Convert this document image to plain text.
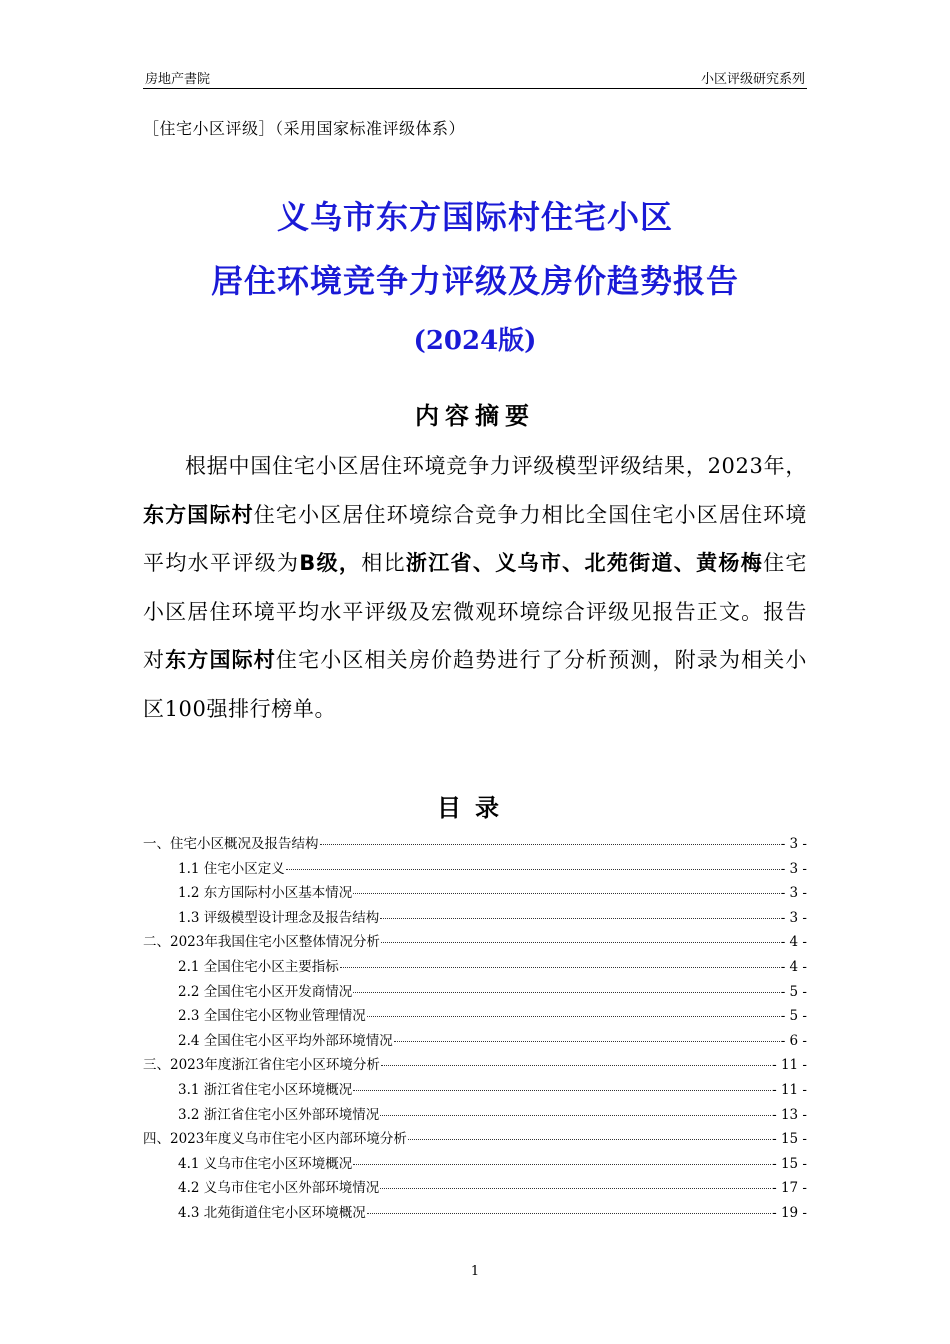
房地产書院	小区评级研究系列
［住宅小区评级］（采用国家标准评级体系）
义乌市东方国际村住宅小区
居住环境竞争力评级及房价趋势报告
(2024版)
内容摘要
根据中国住宅小区居住环境竞争力评级模型评级结果，2023年，东方国际村住宅小区居住环境综合竞争力相比全国住宅小区居住环境平均水平评级为B级，相比浙江省、义乌市、北苑街道、黄杨梅住宅小区居住环境平均水平评级及宏微观环境综合评级见报告正文。报告对东方国际村住宅小区相关房价趋势进行了分析预测，附录为相关小区100强排行榜单。
目录
一、住宅小区概况及报告结构	- 3 -
1.1 住宅小区定义	- 3 -
1.2 东方国际村小区基本情况	- 3 -
1.3 评级模型设计理念及报告结构	- 3 -
二、2023年我国住宅小区整体情况分析	- 4 -
2.1 全国住宅小区主要指标	- 4 -
2.2 全国住宅小区开发商情况	- 5 -
2.3 全国住宅小区物业管理情况	- 5 -
2.4 全国住宅小区平均外部环境情况	- 6 -
三、2023年度浙江省住宅小区环境分析	- 11 -
3.1 浙江省住宅小区环境概况	- 11 -
3.2 浙江省住宅小区外部环境情况	- 13 -
四、2023年度义乌市住宅小区内部环境分析	- 15 -
4.1 义乌市住宅小区环境概况	- 15 -
4.2 义乌市住宅小区外部环境情况	- 17 -
4.3 北苑街道住宅小区环境概况	- 19 -
1
